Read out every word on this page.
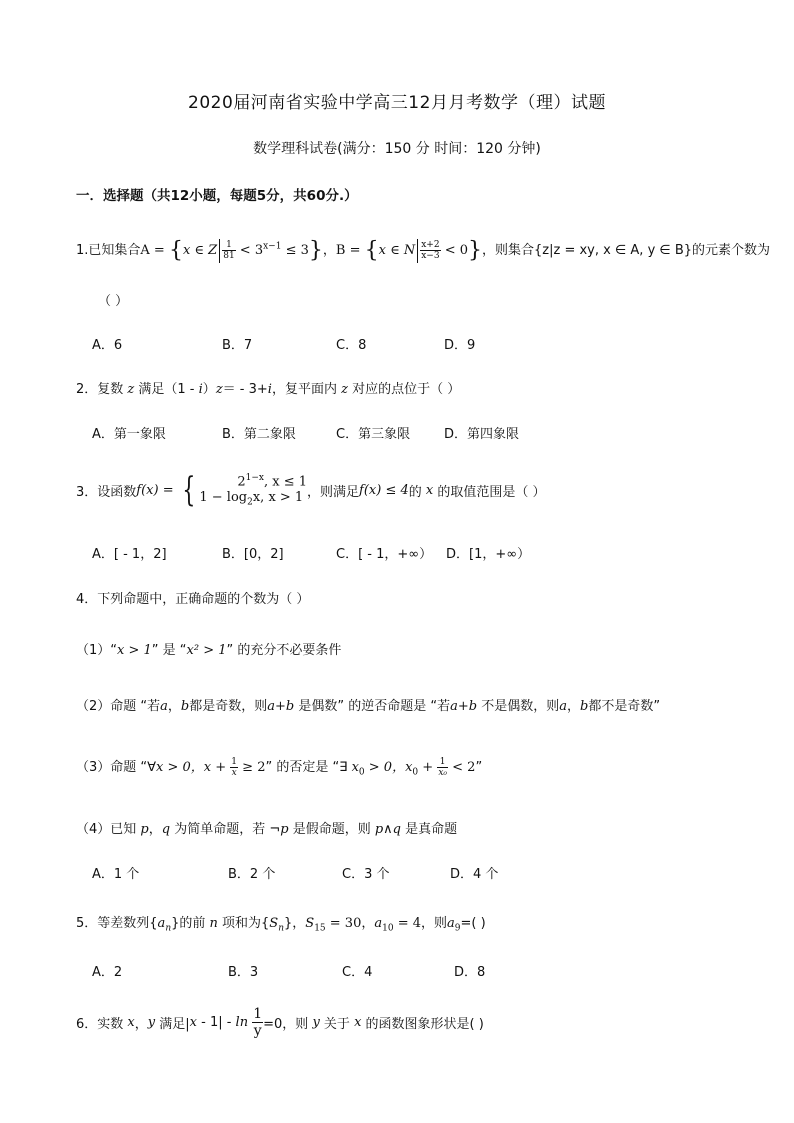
2020届河南省实验中学高三12月月考数学（理）试题
数学理科试卷(满分：150 分 时间：120 分钟)
一．选择题（共12小题，每题5分，共60分.）
1.已知集合A = {x ∈ Z $\frac{1}{81} < 3^{x-1} \le 3$}，B = {x ∈ N $\frac{x+2}{x-3} < 0$}，则集合{z|z = xy, x ∈ A, y ∈ B}的元素个数为
（ ）
A．6	B．7	C．8	D．9
2．复数 z 满足（1 - i）z＝ - 3+i，复平面内 z 对应的点位于（ ）
A．第一象限	B．第二象限	C．第三象限	D．第四象限
3．设函数f(x) = {	$2^{1-x}$, x ≤ 1
$1 - \log_2x$, x > 1 ，则满足f(x) ≤ 4的 x 的取值范围是（ ）
A．[ - 1，2]	B．[0，2]	C．[ - 1，+∞） D．[1，+∞）
4．下列命题中，正确命题的个数为（ ）
（1）“x > 1” 是 “x² > 1” 的充分不必要条件
（2）命题 “若a，b都是奇数，则a+b 是偶数” 的逆否命题是 “若a+b 不是偶数，则a，b都不是奇数”
（3）命题 “∀x > 0，$x + \frac{1}{x} \ge 2$” 的否定是 “∃ $x_0 > 0$，$x_0 + \frac{1}{\text{x₀}} < 2$”
（4）已知 p，q 为简单命题，若 ¬p 是假命题，则 p∧q 是真命题
A．1 个	B．2 个	C．3 个	D．4 个
5．等差数列$\{a_n\}$的前 n 项和为$\{S_n\}$，$S_{15} = 30$，$a_{10} = 4$，则$a_9=$( )
A．2	B．3	C．4	D．8
6．实数 x，y 满足$|x - 1| - \ln \frac{1}{y} =0$，则 y 关于 x 的函数图象形状是( )
